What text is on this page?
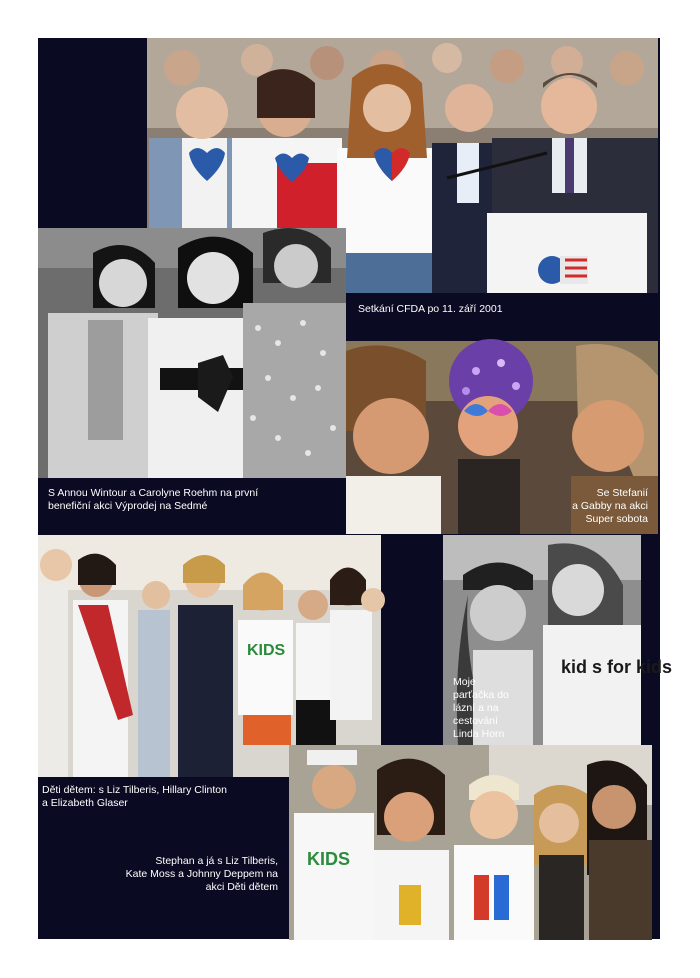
KIDS
kid s for kids
KIDS
Setkání CFDA po 11. září 2001
S Annou Wintour a Carolyne Roehm na první
benefiční akci Výprodej na Sedmé
Se Stefanií
a Gabby na akci
Super sobota
Moje
parťačka do
lázní a na
cestování
Linda Horn
Děti dětem: s Liz Tilberis, Hillary Clinton
a Elizabeth Glaser
Stephan a já s Liz Tilberis,
Kate Moss a Johnny Deppem na
akci Děti dětem
